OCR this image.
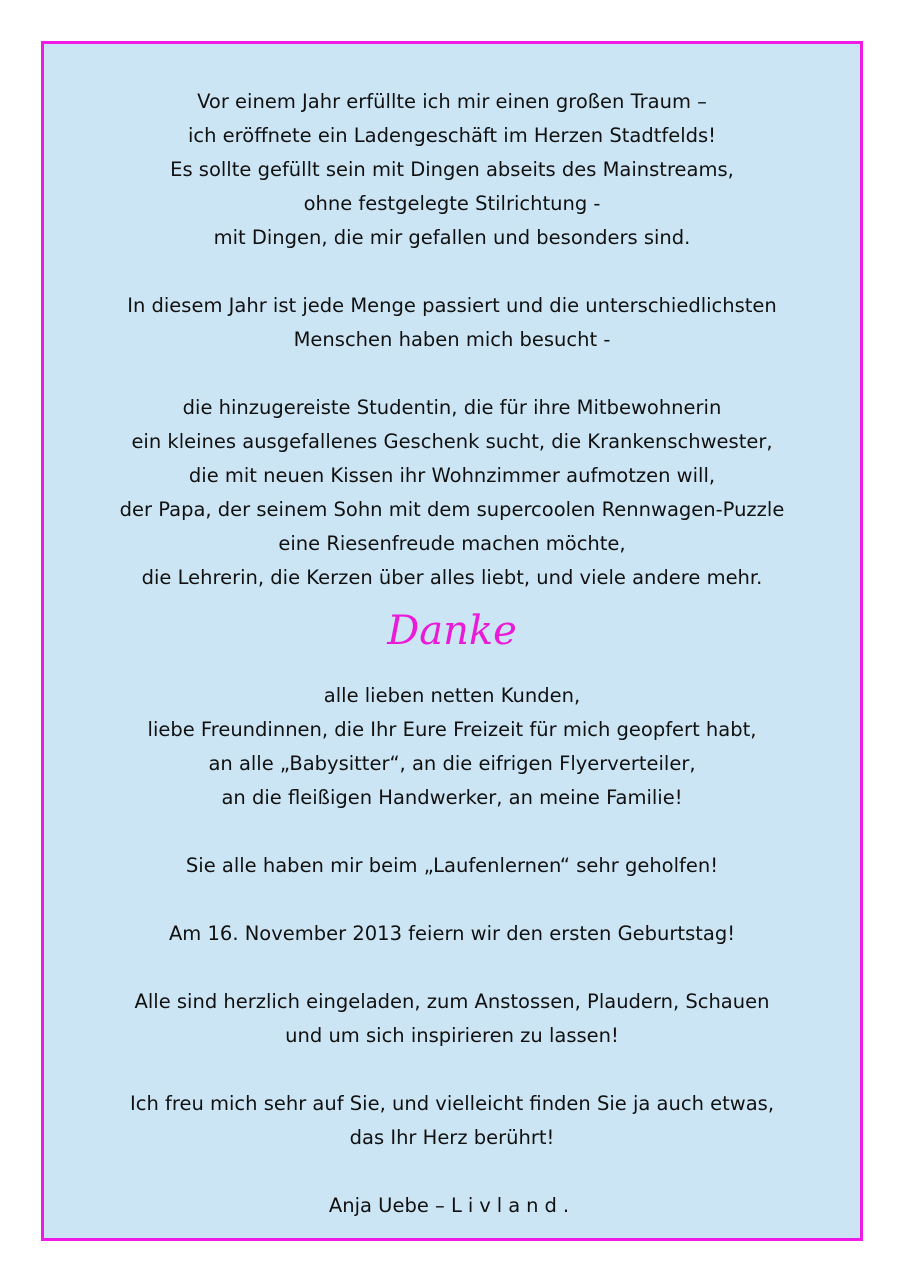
Vor einem Jahr erfüllte ich mir einen großen Traum –
ich eröffnete ein Ladengeschäft im Herzen Stadtfelds!
Es sollte gefüllt sein mit Dingen abseits des Mainstreams,
ohne festgelegte Stilrichtung -
mit Dingen, die mir gefallen und besonders sind.

In diesem Jahr ist jede Menge passiert und die unterschiedlichsten
Menschen haben mich besucht -

die hinzugereiste Studentin, die für ihre Mitbewohnerin
ein kleines ausgefallenes Geschenk sucht, die Krankenschwester,
die mit neuen Kissen ihr Wohnzimmer aufmotzen will,
der Papa, der seinem Sohn mit dem supercoolen Rennwagen-Puzzle
eine Riesenfreude machen möchte,
die Lehrerin, die Kerzen über alles liebt, und viele andere mehr.

Danke

alle lieben netten Kunden,
liebe Freundinnen, die Ihr Eure Freizeit für mich geopfert habt,
an alle „Babysitter“, an die eifrigen Flyerverteiler,
an die fleißigen Handwerker, an meine Familie!

Sie alle haben mir beim „Laufenlernen“ sehr geholfen!

Am 16. November 2013 feiern wir den ersten Geburtstag!

Alle sind herzlich eingeladen, zum Anstossen, Plaudern, Schauen
und um sich inspirieren zu lassen!

Ich freu mich sehr auf Sie, und vielleicht finden Sie ja auch etwas,
das Ihr Herz berührt!

Anja Uebe – Livland.
